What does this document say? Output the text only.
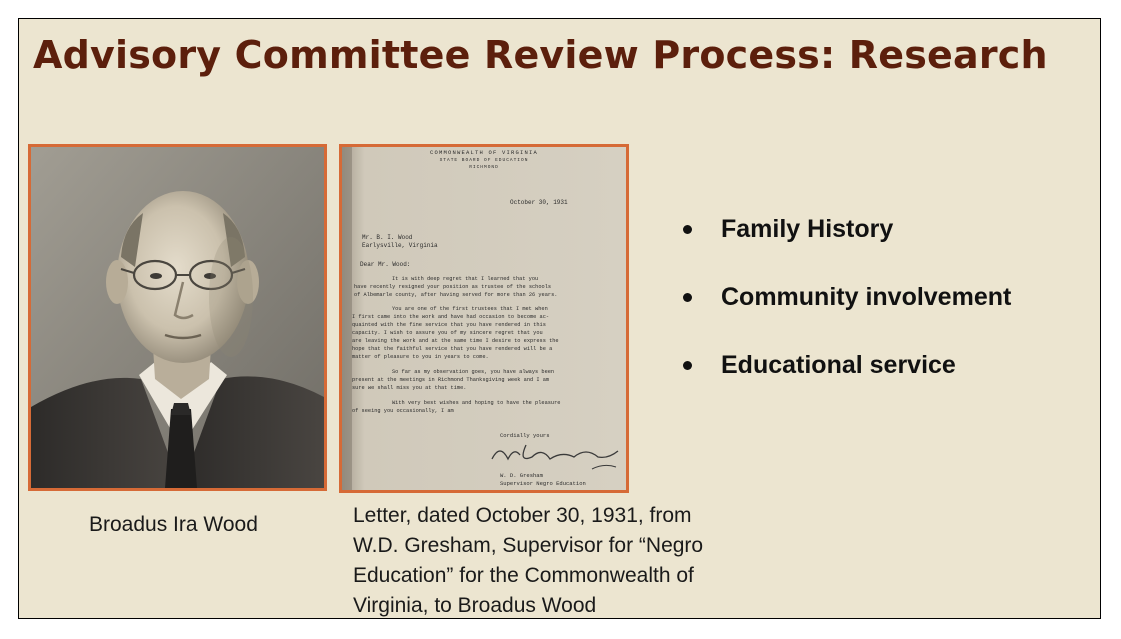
Advisory Committee Review Process: Research
COMMONWEALTH OF VIRGINIA
STATE BOARD OF EDUCATION
RICHMOND
October 30, 1931
Mr. B. I. Wood
Earlysville, Virginia
Dear Mr. Wood:
It is with deep regret that I learned that you
have recently resigned your position as trustee of the schools
of Albemarle county, after having served for more than 26 years.
You are one of the first trustees that I met when
I first came into the work and have had occasion to become ac-
quainted with the fine service that you have rendered in this
capacity. I wish to assure you of my sincere regret that you
are leaving the work and at the same time I desire to express the
hope that the faithful service that you have rendered will be a
matter of pleasure to you in years to come.
So far as my observation goes, you have always been
present at the meetings in Richmond Thanksgiving week and I am
sure we shall miss you at that time.
With very best wishes and hoping to have the pleasure
of seeing you occasionally, I am
Cordially yours
W. D. Gresham
Supervisor Negro Education
Broadus Ira Wood	Letter, dated October 30, 1931, from
W.D. Gresham, Supervisor for “Negro
Education” for the Commonwealth of
Virginia, to Broadus Wood
Family History
Community involvement
Educational service
